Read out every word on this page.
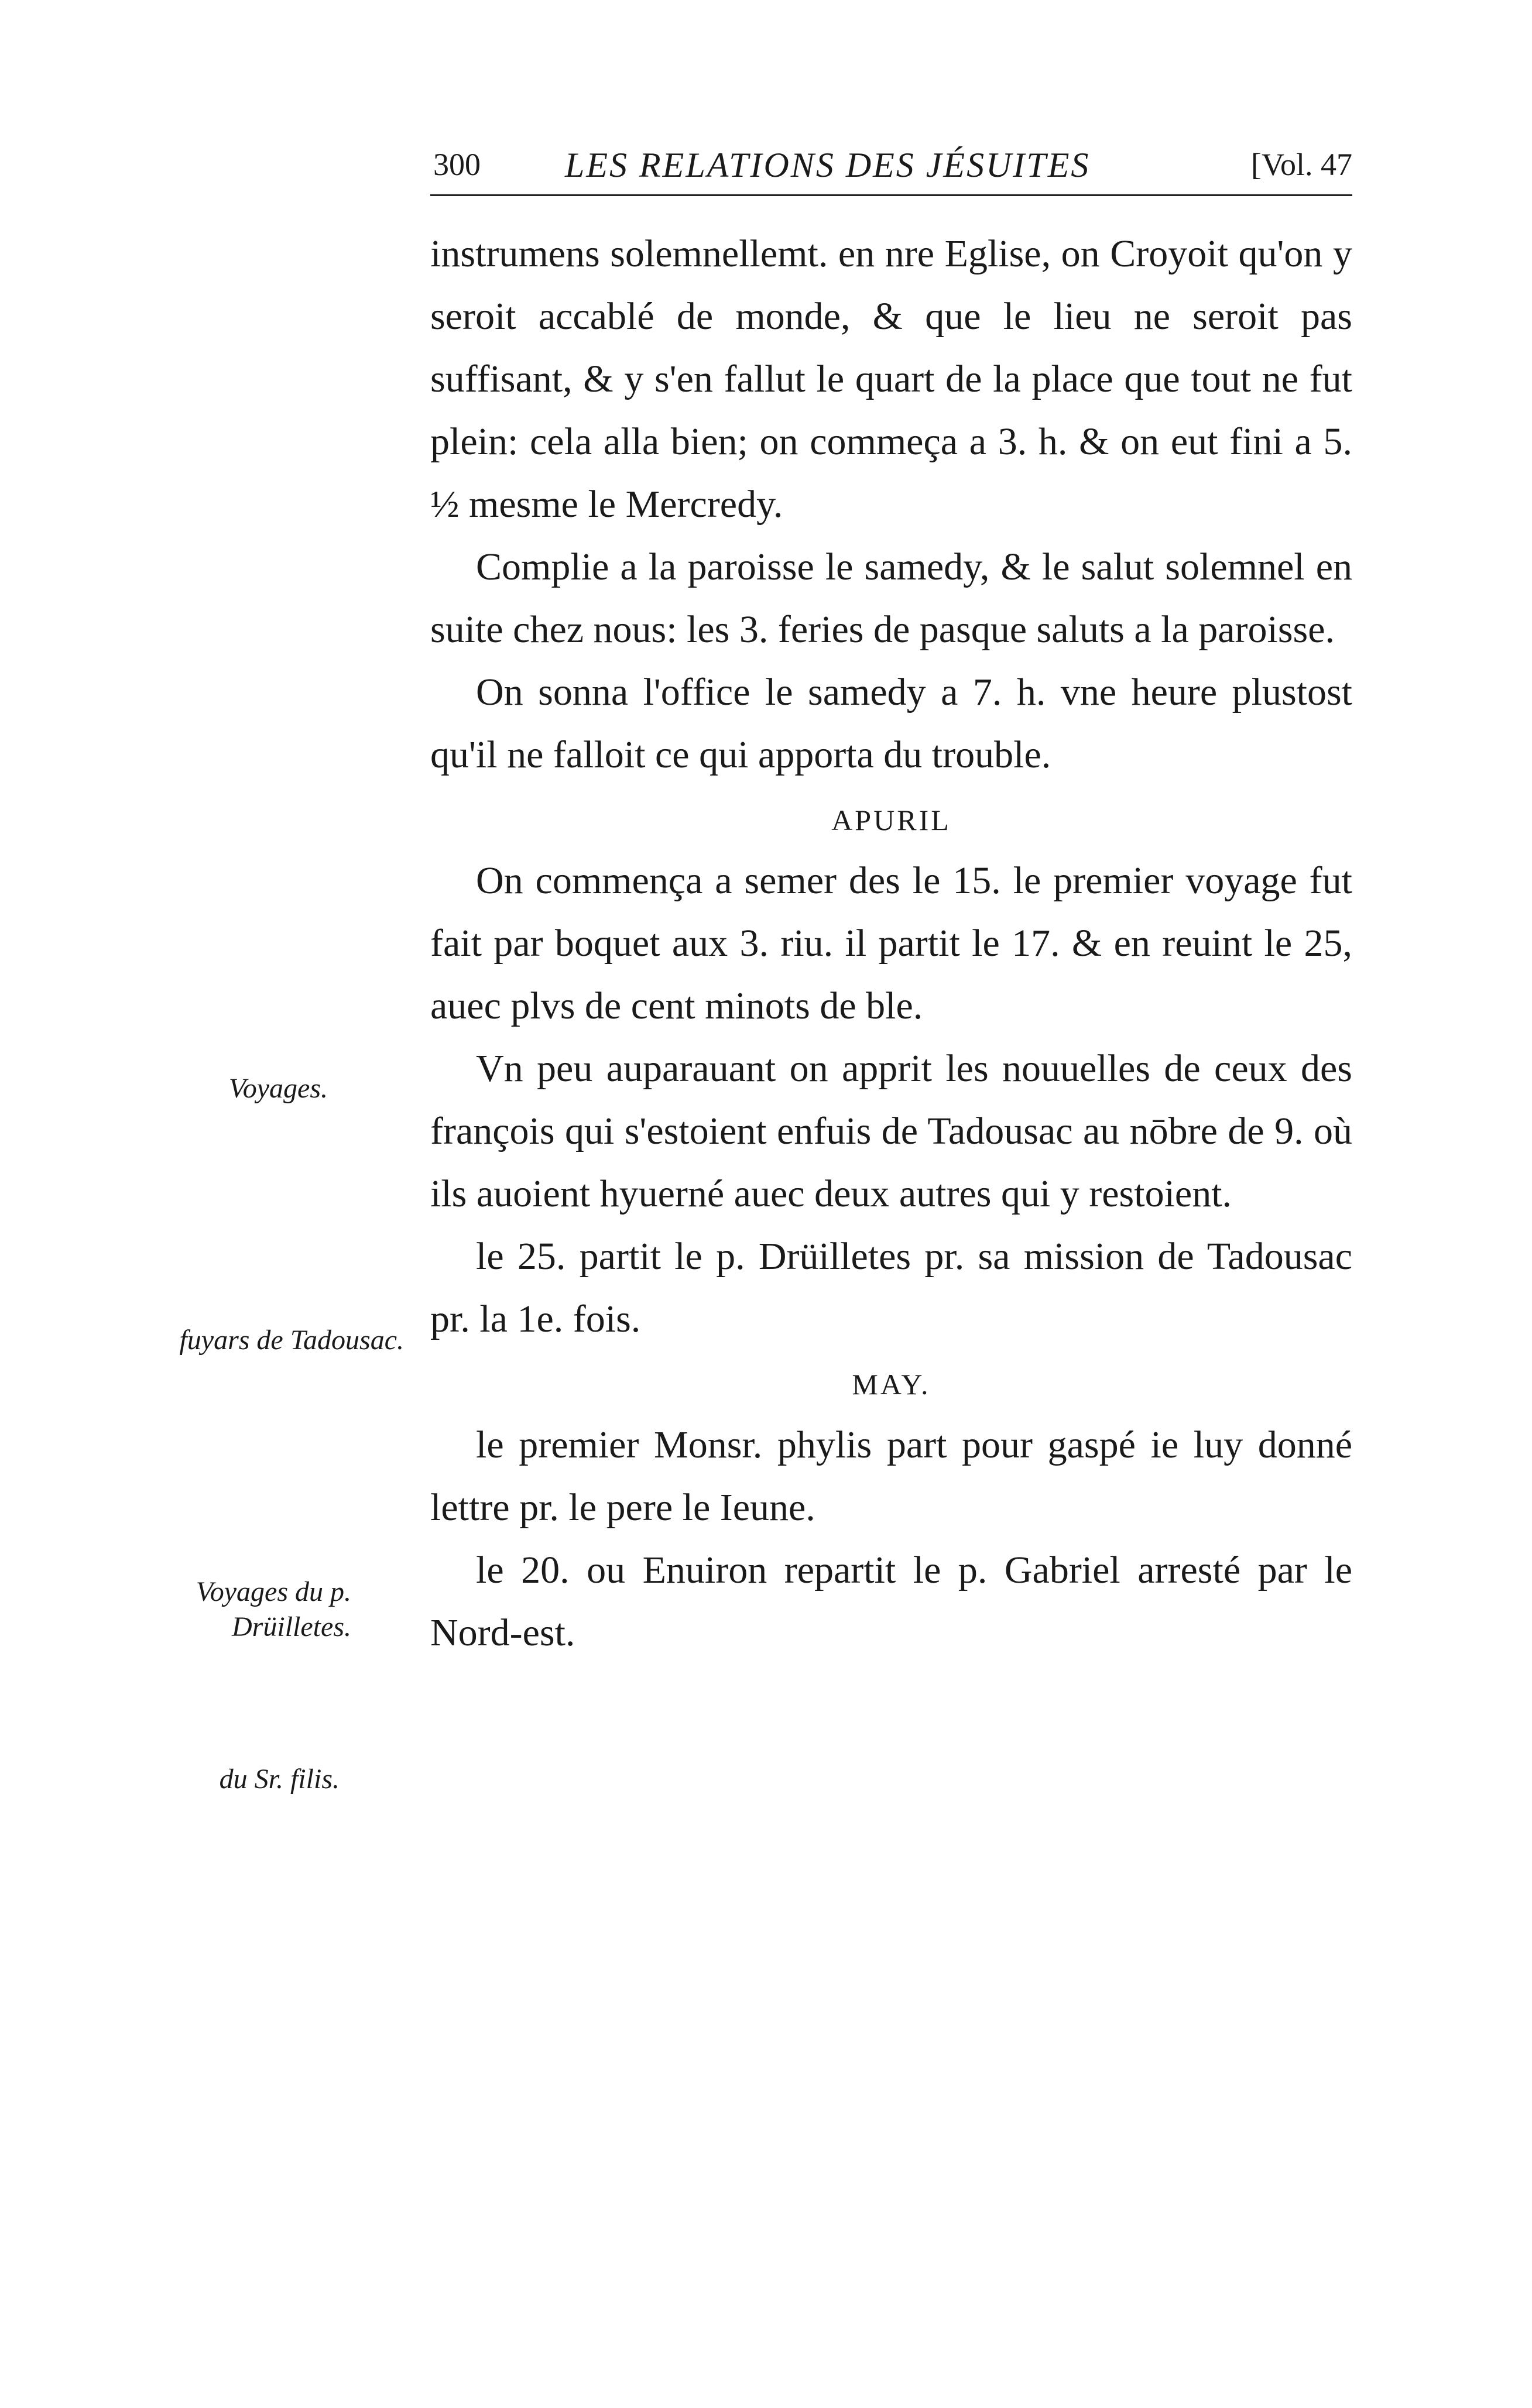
300 LES RELATIONS DES JÉSUITES	[Vol. 47

instrumens solemnellemt. en nre Eglise, on Croyoit qu'on y seroit accablé de monde, & que le lieu ne seroit pas suffisant, & y s'en fallut le quart de la place que tout ne fut plein: cela alla bien; on commeça a 3. h. & on eut fini a 5. ½ mesme le Mercredy.

Complie a la paroisse le samedy, & le salut solemnel en suite chez nous: les 3. feries de pasque saluts a la paroisse.

On sonna l'office le samedy a 7. h. vne heure plustost qu'il ne falloit ce qui apporta du trouble.

APURIL

On commença a semer des le 15. le premier voyage fut fait par boquet aux 3. riu. il partit le 17. & en reuint le 25, auec plvs de cent minots de ble.

Vn peu auparauant on apprit les nouuelles de ceux des françois qui s'estoient enfuis de Tadousac au nōbre de 9. où ils auoient hyuerné auec deux autres qui y restoient.

le 25. partit le p. Drüilletes pr. sa mission de Tadousac pr. la 1e. fois.

MAY.

le premier Monsr. phylis part pour gaspé ie luy donné lettre pr. le pere le Ieune.

le 20. ou Enuiron repartit le p. Gabriel arresté par le Nord-est.

Voyages.
fuyars de Tadousac.
Voyages du p.
Drüilletes.
du Sr. filis.
